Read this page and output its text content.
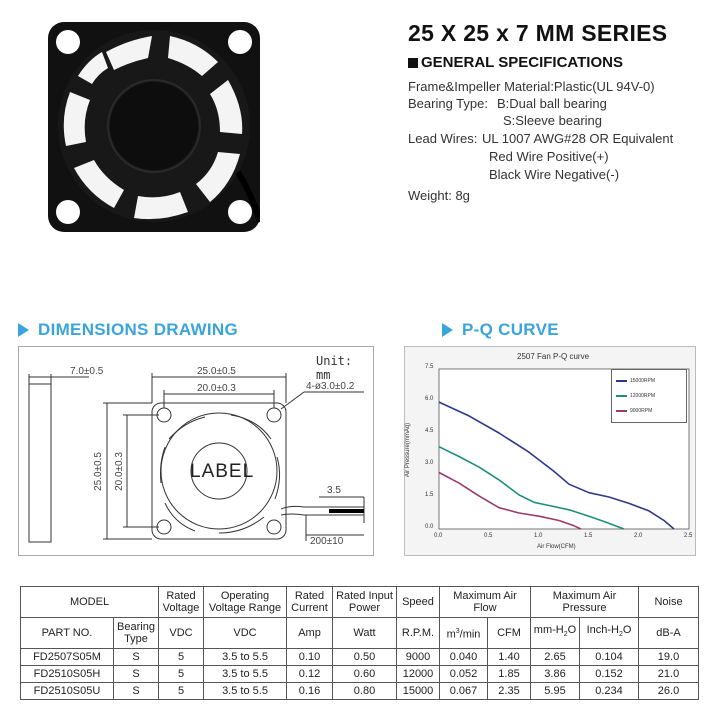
25 X 25 x 7 MM SERIES
GENERAL SPECIFICATIONS
Frame&Impeller Material:Plastic(UL 94V-0)
Bearing Type: B:Dual ball bearing
S:Sleeve bearing
Lead Wires: UL 1007 AWG#28 OR Equivalent
Red Wire Positive(+)
Black Wire Negative(-)
Weight: 8g
DIMENSIONS DRAWING	P-Q CURVE
Unit: mm
7.0±0.5	25.0±0.5
20.0±0.3	4-ø3.0±0.2
25.0±0.5 20.0±0.3	3.5
200±10
LABEL
2507 Fan P-Q curve
7.5
6.0
4.5
3.0
1.5
0.0
0.0	0.5	1.0	1.5	2.0	2.5
Air Flow(CFM)
Air Pressure(mmAq)
15000RPM
12000RPM
9000RPM
MODEL		Rated Voltage	Operating Voltage Range	Rated Current	Rated Input Power	Speed	Maximum Air Flow		Maximum Air Pressure		Noise
PART NO.	Bearing Type	VDC	VDC	Amp	Watt	R.P.M.	$m^3/\min$	CFM	$mm-H_2O$	Inch-$H_2O$	dB-A
FD2507S05M	S	5	3.5 to 5.5	0.10	0.50	9000	0.040	1.40	2.65	0.104	19.0
FD2510S05H	S	5	3.5 to 5.5	0.12	0.60	12000	0.052	1.85	3.86	0.152	21.0
FD2510S05U	S	5	3.5 to 5.5	0.16	0.80	15000	0.067	2.35	5.95	0.234	26.0
